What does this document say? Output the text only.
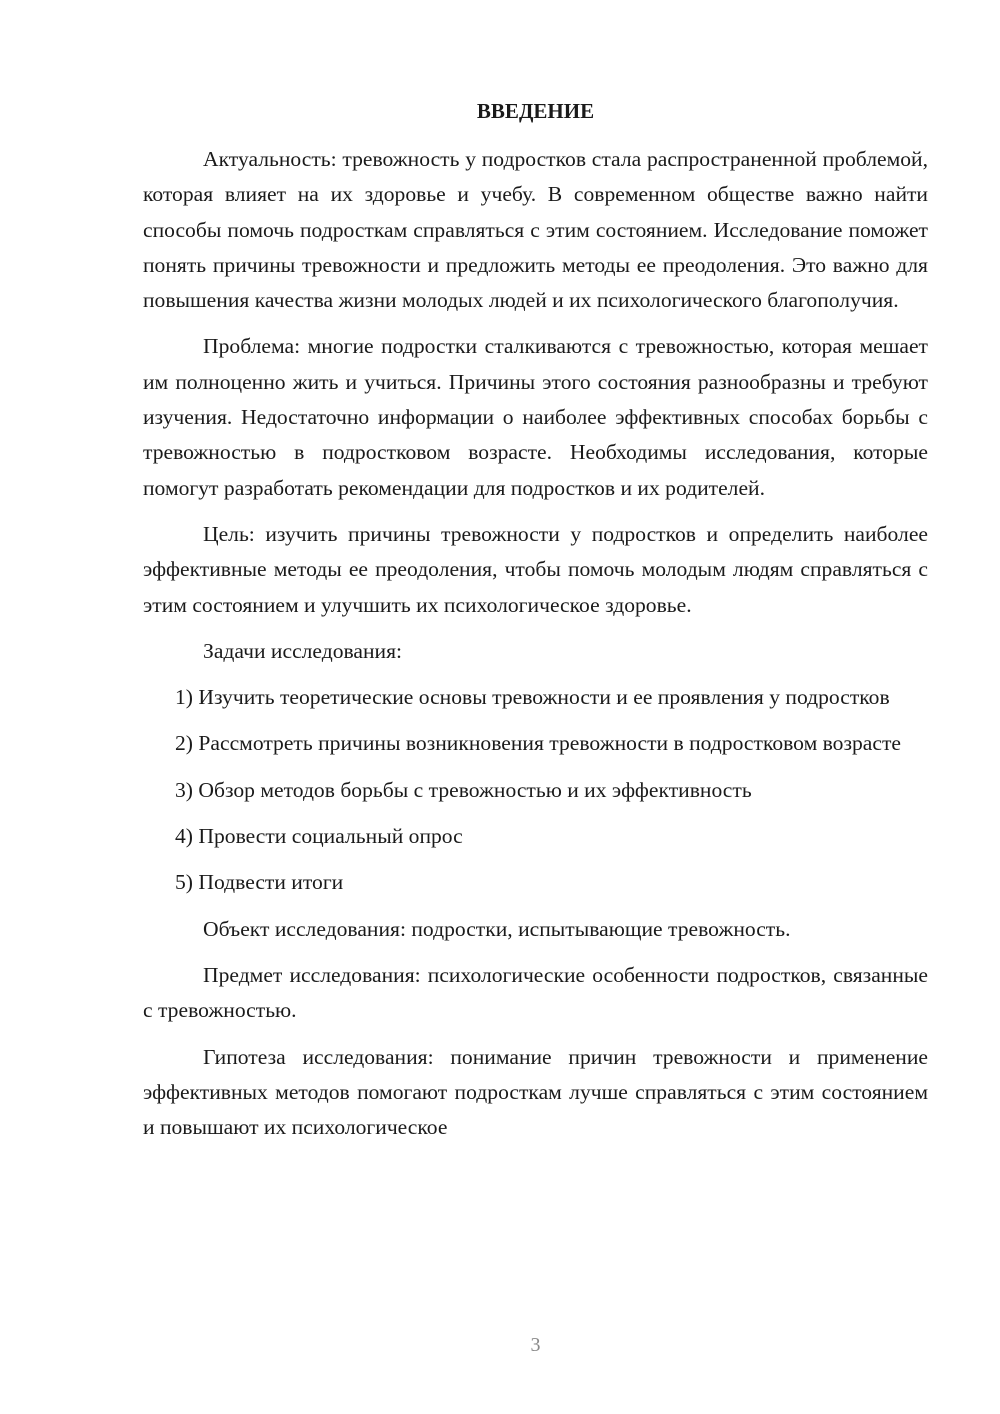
ВВЕДЕНИЕ

Актуальность: тревожность у подростков стала распространенной проблемой, которая влияет на их здоровье и учебу. В современном обществе важно найти способы помочь подросткам справляться с этим состоянием. Исследование поможет понять причины тревожности и предложить методы ее преодоления. Это важно для повышения качества жизни молодых людей и их психологического благополучия.

Проблема: многие подростки сталкиваются с тревожностью, которая мешает им полноценно жить и учиться. Причины этого состояния разнообразны и требуют изучения. Недостаточно информации о наиболее эффективных способах борьбы с тревожностью в подростковом возрасте. Необходимы исследования, которые помогут разработать рекомендации для подростков и их родителей.

Цель: изучить причины тревожности у подростков и определить наиболее эффективные методы ее преодоления, чтобы помочь молодым людям справляться с этим состоянием и улучшить их психологическое здоровье.

Задачи исследования:

1) Изучить теоретические основы тревожности и ее проявления у подростков

2) Рассмотреть причины возникновения тревожности в подростковом возрасте

3) Обзор методов борьбы с тревожностью и их эффективность

4) Провести социальный опрос

5) Подвести итоги

Объект исследования: подростки, испытывающие тревожность.

Предмет исследования: психологические особенности подростков, связанные с тревожностью.

Гипотеза исследования: понимание причин тревожности и применение эффективных методов помогают подросткам лучше справляться с этим состоянием и повышают их психологическое

3
